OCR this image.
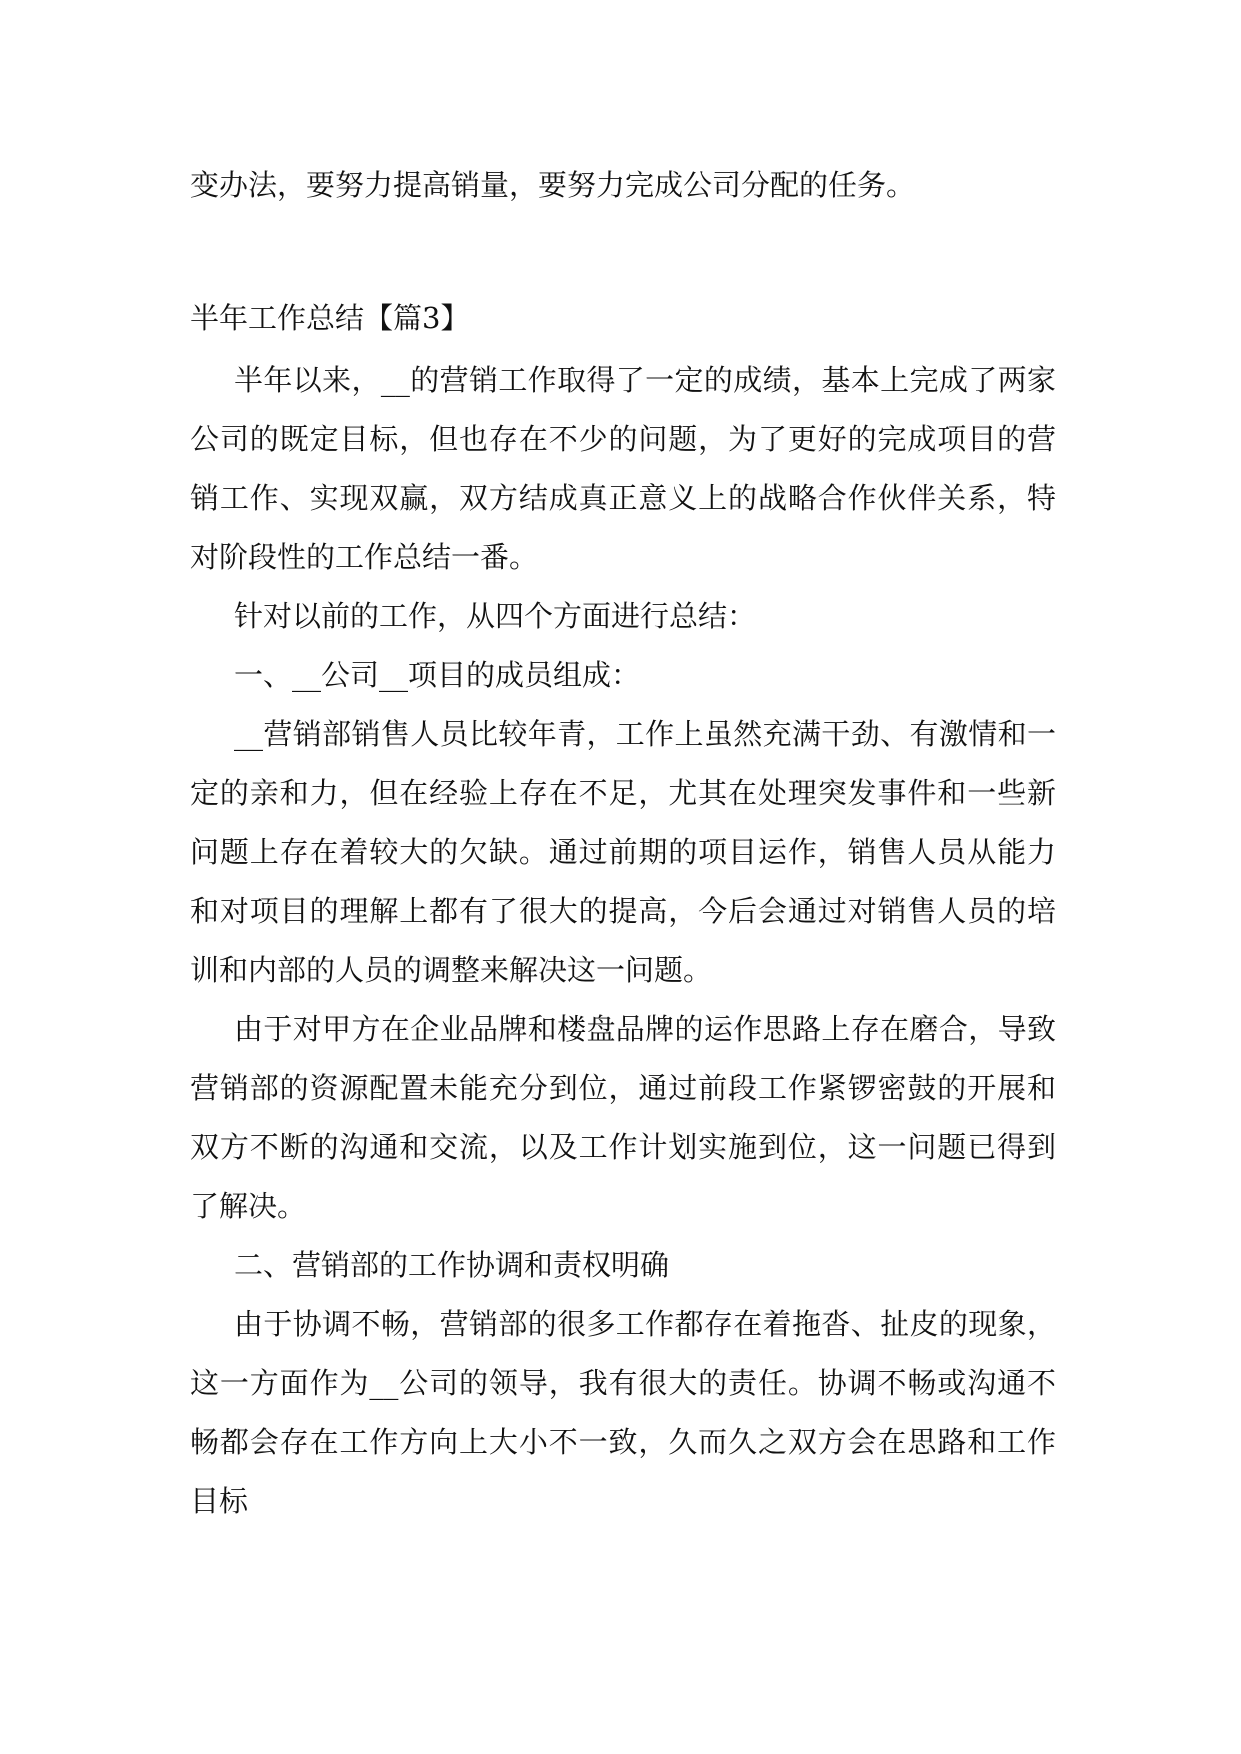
变办法，要努力提高销量，要努力完成公司分配的任务。

半年工作总结【篇3】

半年以来，__的营销工作取得了一定的成绩，基本上完成了两家公司的既定目标，但也存在不少的问题，为了更好的完成项目的营销工作、实现双赢，双方结成真正意义上的战略合作伙伴关系，特对阶段性的工作总结一番。

针对以前的工作，从四个方面进行总结：

一、__公司__项目的成员组成：

__营销部销售人员比较年青，工作上虽然充满干劲、有激情和一定的亲和力，但在经验上存在不足，尤其在处理突发事件和一些新问题上存在着较大的欠缺。通过前期的项目运作，销售人员从能力和对项目的理解上都有了很大的提高，今后会通过对销售人员的培训和内部的人员的调整来解决这一问题。

由于对甲方在企业品牌和楼盘品牌的运作思路上存在磨合，导致营销部的资源配置未能充分到位，通过前段工作紧锣密鼓的开展和双方不断的沟通和交流，以及工作计划实施到位，这一问题已得到了解决。

二、营销部的工作协调和责权明确

由于协调不畅，营销部的很多工作都存在着拖沓、扯皮的现象，这一方面作为__公司的领导，我有很大的责任。协调不畅或沟通不畅都会存在工作方向上大小不一致，久而久之双方会在思路和工作目标
